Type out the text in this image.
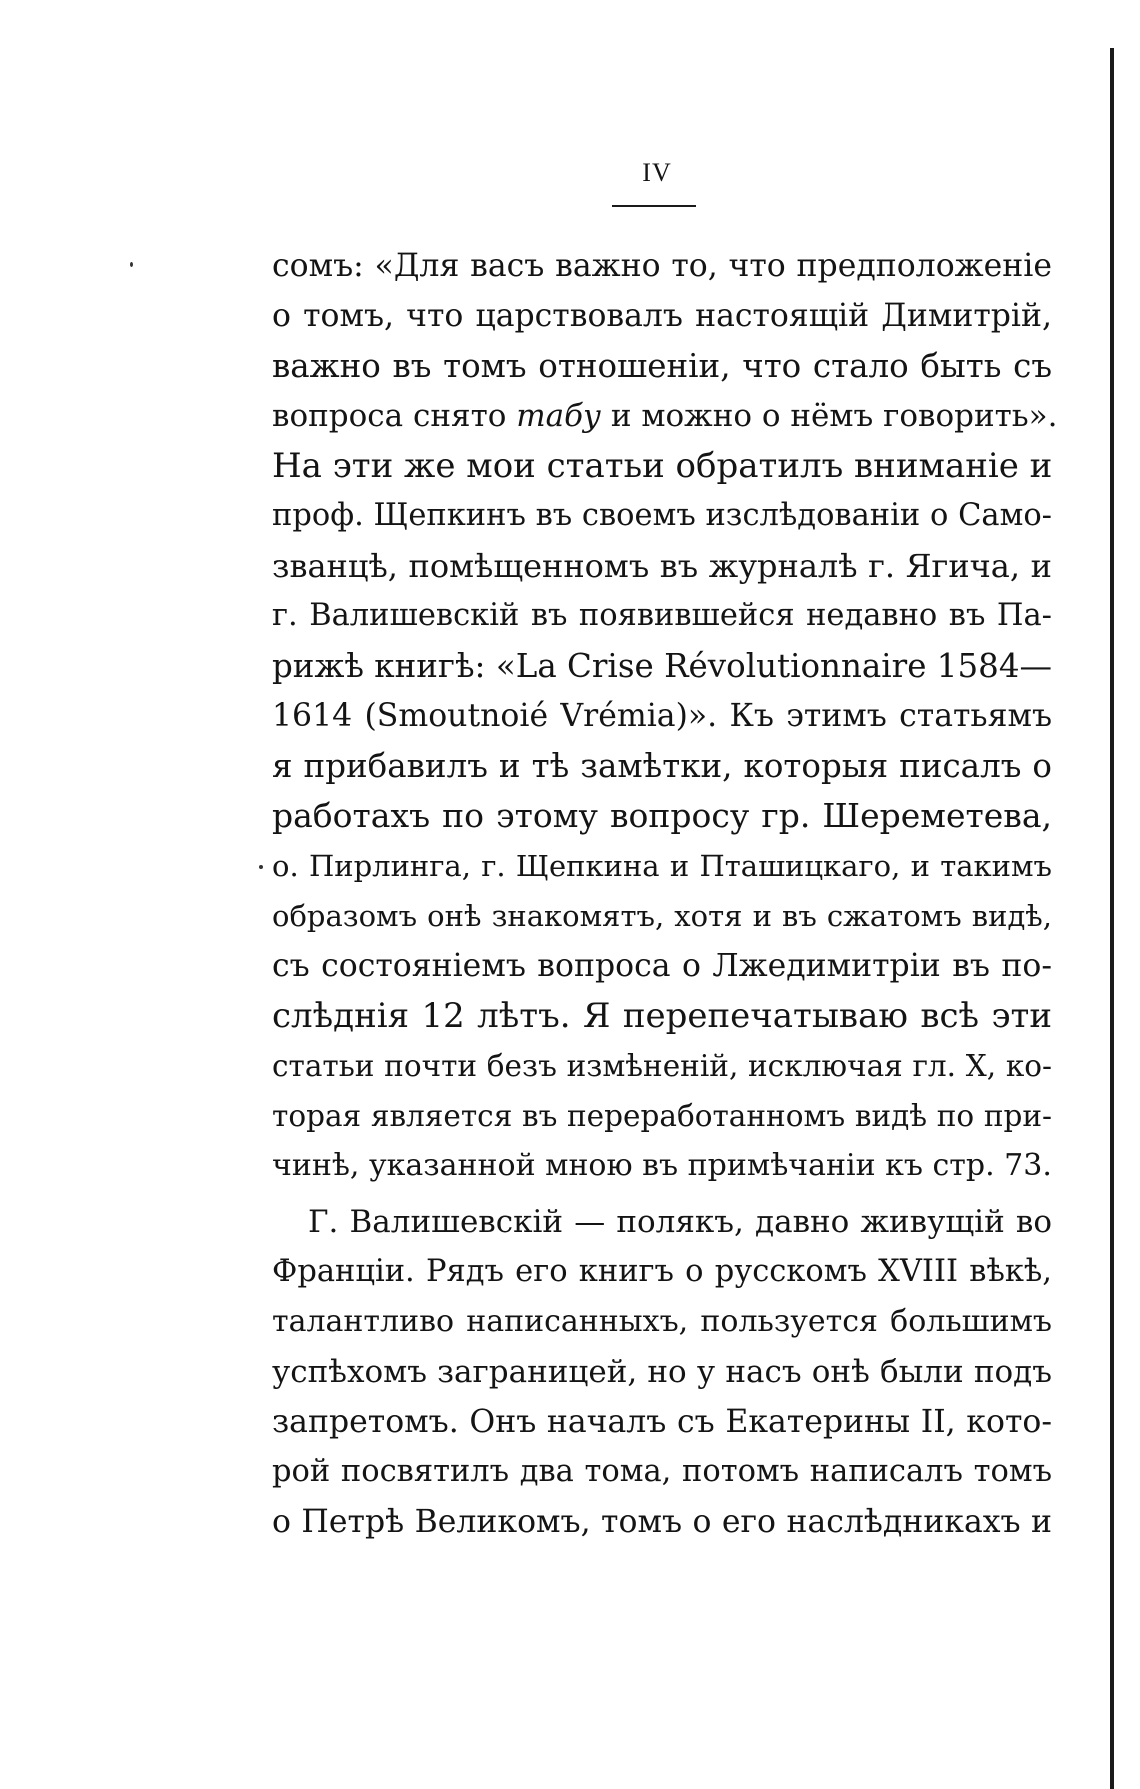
IV
сомъ: «Для васъ важно то, что предположеніе
о томъ, что царствовалъ настоящій Димитрій,
важно въ томъ отношеніи, что стало быть съ
вопроса снято табу и можно о нёмъ говорить».
На эти же мои статьи обратилъ вниманіе и
проф. Щепкинъ въ своемъ изслѣдованіи о Само-
званцѣ, помѣщенномъ въ журналѣ г. Ягича, и
г. Валишевскій въ появившейся недавно въ Па-
рижѣ книгѣ: «La Crise Révolutionnaire 1584—
1614 (Smoutnoié Vrémia)». Къ этимъ статьямъ
я прибавилъ и тѣ замѣтки, которыя писалъ о
работахъ по этому вопросу гр. Шереметева,
о. Пирлинга, г. Щепкина и Пташицкаго, и такимъ
образомъ онѣ знакомятъ, хотя и въ сжатомъ видѣ,
съ состояніемъ вопроса о Лжедимитріи въ по-
слѣднія 12 лѣтъ. Я перепечатываю всѣ эти
статьи почти безъ измѣненій, исключая гл. X, ко-
торая является въ переработанномъ видѣ по при-
чинѣ, указанной мною въ примѣчаніи къ стр. 73.
Г. Валишевскій — полякъ, давно живущій во
Франціи. Рядъ его книгъ о русскомъ XVIII вѣкѣ,
талантливо написанныхъ, пользуется большимъ
успѣхомъ заграницей, но у насъ онѣ были подъ
запретомъ. Онъ началъ съ Екатерины II, кото-
рой посвятилъ два тома, потомъ написалъ томъ
о Петрѣ Великомъ, томъ о его наслѣдникахъ и
